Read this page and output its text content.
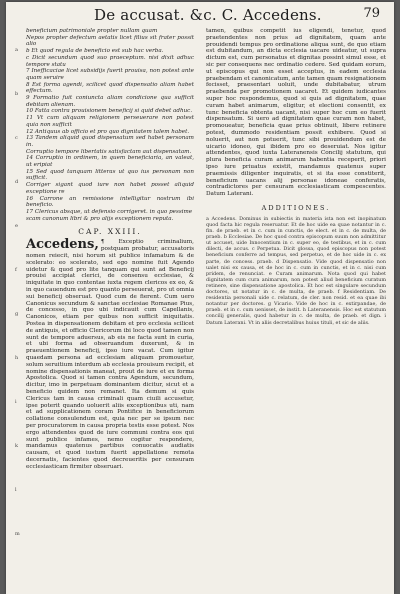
De accusat. &c. C. Accedens.	79
a
b
c
d
e
f
g
h
i
k
l
m
beneficium patrimoniale propter nullam quam
Nepos propter defectum aetatis licet filius sit frater possit alio
b Et quod regula de beneficio est sub hac verba.
c Dicit secundum quod suo praeceptum. nisi dixit adhuc tempore statu
7 Inefficaciae licet subsidijs fuerit prouisa, non potest ante quam seruire
8 Est forma agendi, scilicet quod dispensatio aliam habet effectum.
9 Formatio fuit coniuncta aliam condicione qua sufficit debitam alienam.
10 Fatta contra prouisionem beneficij si quid debet adhuc.
11 Vt cum aliquam religionem perseuerare non potest quia non sufficit
12 Antiquus ab officio et pro quo dignitatem talem habet.
13 Tandem aliquid quod dispensatum sed habet personam in.
Corruptio tempore libertatis satisfactam aut dispensatam.
14 Corruptio in ordinem, in quem beneficiaria, an valeat, ut eripiat
15 Sed quod tanquam litteras ut quo ius personam non sufficit.
Corriger sigant quod iure non habet posset aliquid exceptione re
16 Carrone an remissione intelligitur nostrum ibi beneficio.
17 Clericus absque, ut defensio corrigeret. in quo pessime
scam canonum libri & pro alijs exceptionem reputa.
CAP. XXIII.
Accedens, ¶ Exceptio criminalium, postquam probatur, accusatoris nomen reiecit, nisi horum sit publice infamatum & de scelerato: eo scelerato, sed ego nomine fuit Agendo uidetur & quod pro lite tanquam qui sunt ad Beneficij prouisi accipiat clerici, de consensu ecclesiae, & iniquitate in quo contentae iuxta regem clericos ex eo, & in quo cauendum est pro quanto perseuerat, pro ut omnia sui beneficij obseruat. Quod cum de fierent. Cum uero Canonicus secundum & sanctae ecclesiae Romanae Pius, de concesso, in quo ubi indicauit cum Capellanis, Canonicos, etiam per quibus non sufficit iniquitatis. Postea in dispensationem debitam et pro ecclesia scilicet de antiquis, et officio Clericorum ibi loco quod tamen non sunt de tempore aduersus, ab eis ne facta sunt in curia, et ubi forma ad obseruandum duxerunt, & in praeuentionem beneficij, ipso iure vacat. Cum igitur quaedam persona ad ecclesiam aliquam promouetur, solum seruitium interdum ab ecclesia prouisum recipit, et nomine dispensationis maneat, prout de iure et ex forma Apostolica. Quod si tamen contra Agendum, secundum, dicitur, imo in perpetuam dominantem dicitur, sicut et a beneficio quidem non remanet. Ita demum si quis Clericus tam in causa criminali quam ciuili accusetur, ipse poterit quando uoluerit aliis exceptionibus uti, nam et ad supplicationem coram Pontifice in beneficiorum collatione consulendum est, quia nec per se ipsum nec per procuratorem in causa propria testis esse potest. Nos ergo attendentes quod de iure communi contra eos qui sunt publice infames, nemo cogitur respondere, mandamus quatenus partibus conuocatis audiatis causam, et quod iustum fuerit appellatione remota decernatis, facientes quod decreueritis per censuram ecclesiasticam firmiter obseruari.
tamen, quibus competit ius eligendi, tenetur, quod praetendentes non prius ad dignitatem, quam ante prouidendi tempus pro ordinatione aliqua sunt, de quo etiam est dubitandum, an dicta ecclesia uacare uideatur, ut supra dictum est, cum personatus et dignitas possint simul esse, et sic per consequens nec ordinatio cedere. Sed quidam eorum, ut episcopus qui non esset acceptus, in eadem ecclesia praebendam et canonicatum, ante tamen quam resignationem fecisset, praesentari uoluit, unde dubitabatur, utrum praebenda per promotionem uacaret. Et quidem iudicantes super hoc respondemus, quod si quis ad dignitatem, quae curam habet animarum, eligitur, et electioni consentit, ex tunc beneficia obtenta uacant, nisi super hoc cum eo fuerit dispensatum. Si uero ad dignitatem quae curam non habet, promoueatur, beneficia quae prius obtinuit, libere retinere potest, dummodo residentiam possit exhibere. Quod si noluerit, aut non potuerit, tunc sibi prouidendum est de uicario idoneo, qui ibidem pro eo deseruiat. Nos igitur attendentes, quod iuxta Lateranensis Concilij statutum, qui plura beneficia curam animarum habentia receperit, priori ipso iure priuatus existit, mandamus quatenus super praemissis diligenter inquiratis, et si ita esse constiterit, beneficium uacans alij personae idoneae conferatis, contradictores per censuram ecclesiasticam compescentes. Datum Laterani.
ADDITIONES.
a Accedens. Dominus in subiectis in materia ista non est inopinatum quod facta hic regula reseruatur. Et de hoc uide ea quae notantur in c. fin. de praeb. et in c. cum in cunctis, de elect. et in c. de multa, de praeb. b Ecclesiae. De hoc quod contra episcopum suum non admittitur ut accuset, uide Innocentium in c. super eo, de testibus, et in c. cum dilecti, de accus. c Perpetua. Dicit glossa, quod episcopus non potest beneficium conferre ad tempus, sed perpetuo, et de hoc uide in c. ex parte, de concess. praeb. d Dispensatio. Vide quod dispensatio non ualet nisi ex causa, et de hoc in c. cum in cunctis, et in c. nisi cum pridem, de renunciat. e Curam animarum. Nota quod qui habet dignitatem cum cura animarum, non potest aliud beneficium curatum retinere, sine dispensatione apostolica. Et hoc est singulare secundum doctores, ut notatur in c. de multa, de praeb. f Residentiam. De residentia personali uide c. relatum, de cler. non resid. et ea quae ibi notantur per doctores. g Vicario. Vide de hoc in c. extirpandae, de praeb. et in c. cum uenisset, de instit. h Lateranensis. Hoc est statutum concilij generalis, quod habetur in c. de multa, de praeb. et dign. i Datum Laterani. Vt in aliis decretalibus huius tituli, et sic de aliis.
